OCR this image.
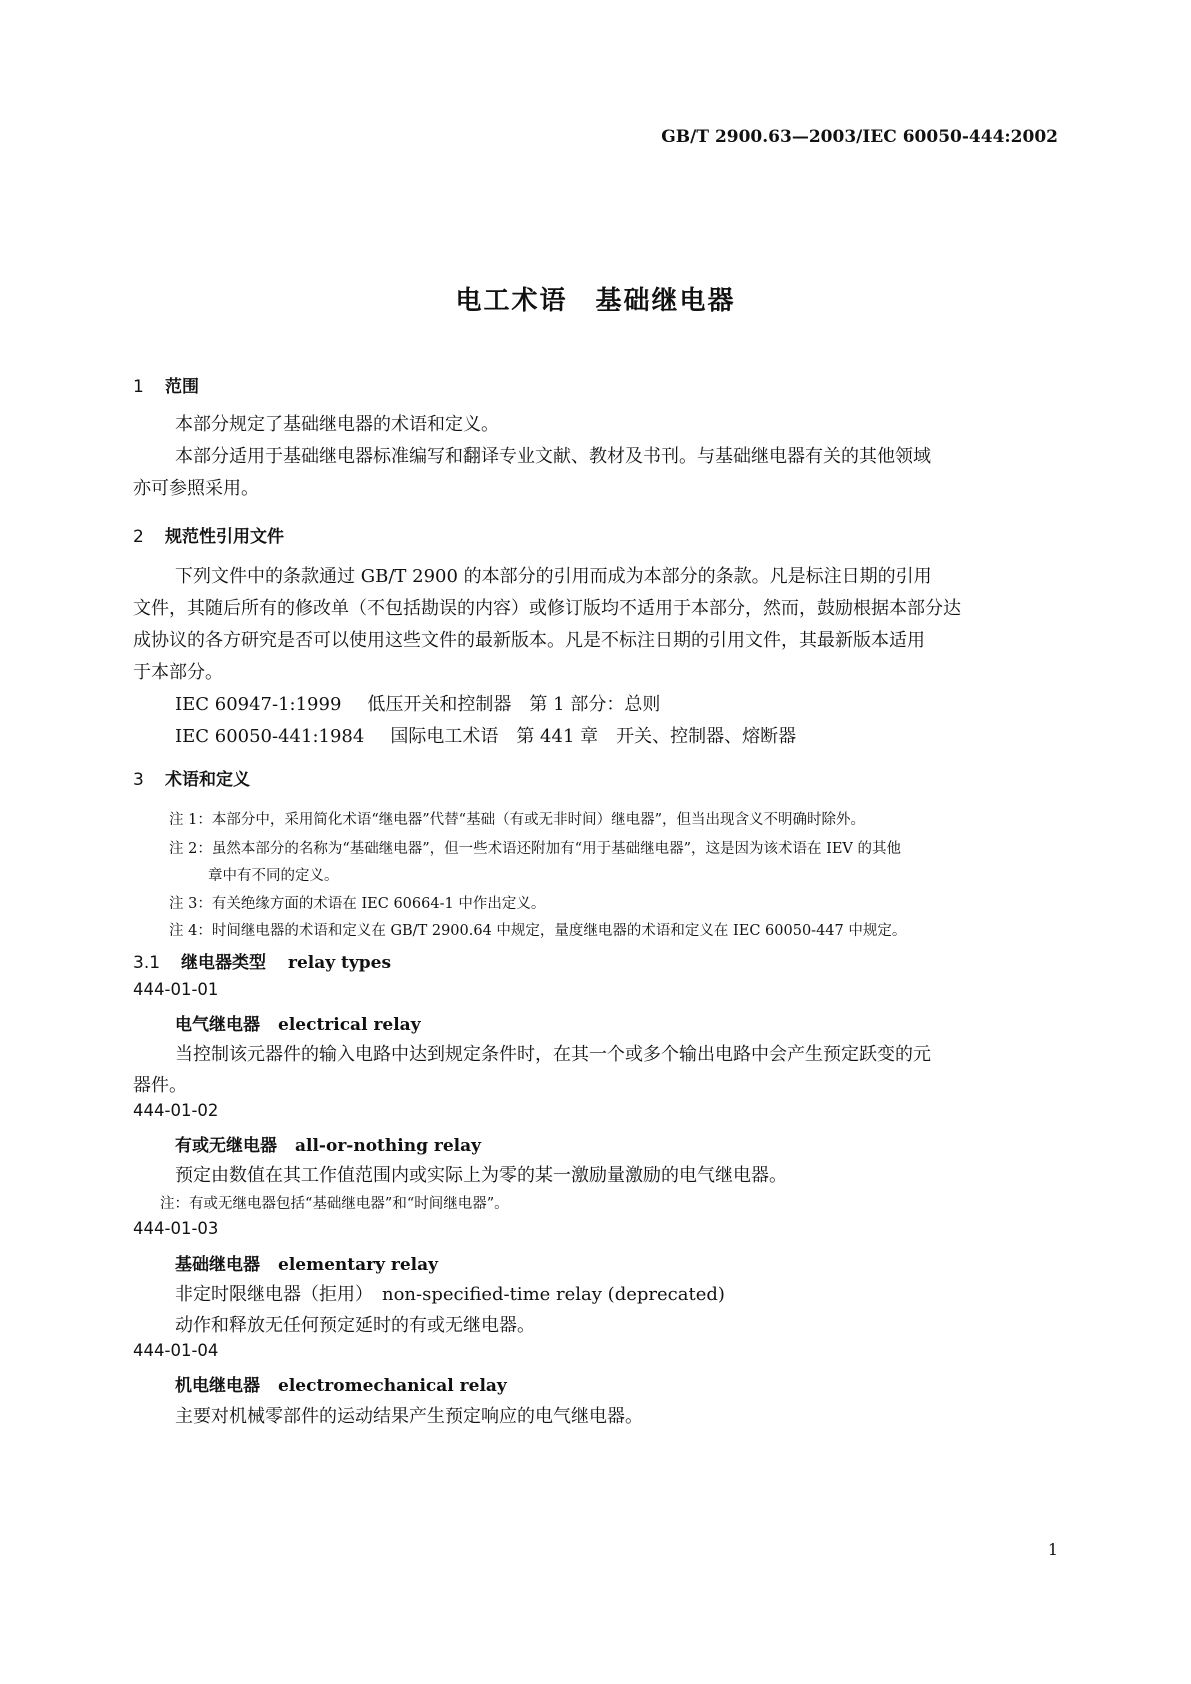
GB/T 2900.63—2003/IEC 60050-444:2002
电工术语　基础继电器
1 范围
本部分规定了基础继电器的术语和定义。
本部分适用于基础继电器标准编写和翻译专业文献、教材及书刊。与基础继电器有关的其他领域
亦可参照采用。
2 规范性引用文件
下列文件中的条款通过 GB/T 2900 的本部分的引用而成为本部分的条款。凡是标注日期的引用
文件，其随后所有的修改单（不包括勘误的内容）或修订版均不适用于本部分，然而，鼓励根据本部分达
成协议的各方研究是否可以使用这些文件的最新版本。凡是不标注日期的引用文件，其最新版本适用
于本部分。
IEC 60947-1:1999 低压开关和控制器　第 1 部分：总则
IEC 60050-441:1984 国际电工术语　第 441 章　开关、控制器、熔断器
3 术语和定义
注 1：本部分中，采用简化术语“继电器”代替“基础（有或无非时间）继电器”，但当出现含义不明确时除外。
注 2：虽然本部分的名称为“基础继电器”，但一些术语还附加有“用于基础继电器”，这是因为该术语在 IEV 的其他
章中有不同的定义。
注 3：有关绝缘方面的术语在 IEC 60664-1 中作出定义。
注 4：时间继电器的术语和定义在 GB/T 2900.64 中规定，量度继电器的术语和定义在 IEC 60050-447 中规定。
3.1 继电器类型 relay types
444-01-01
电气继电器 electrical relay
当控制该元器件的输入电路中达到规定条件时，在其一个或多个输出电路中会产生预定跃变的元
器件。
444-01-02
有或无继电器 all-or-nothing relay
预定由数值在其工作值范围内或实际上为零的某一激励量激励的电气继电器。
注：有或无继电器包括“基础继电器”和“时间继电器”。
444-01-03
基础继电器 elementary relay
非定时限继电器（拒用）　non-specified-time relay (deprecated)
动作和释放无任何预定延时的有或无继电器。
444-01-04
机电继电器 electromechanical relay
主要对机械零部件的运动结果产生预定响应的电气继电器。
1
